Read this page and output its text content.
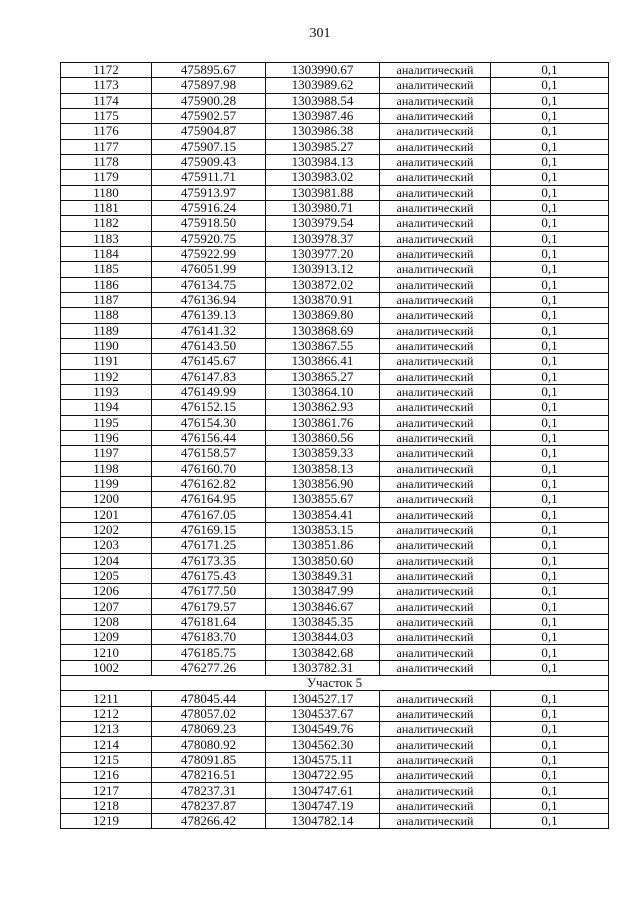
301
1172	475895.67	1303990.67	аналитический	0,1
1173	475897.98	1303989.62	аналитический	0,1
1174	475900.28	1303988.54	аналитический	0,1
1175	475902.57	1303987.46	аналитический	0,1
1176	475904.87	1303986.38	аналитический	0,1
1177	475907.15	1303985.27	аналитический	0,1
1178	475909.43	1303984.13	аналитический	0,1
1179	475911.71	1303983.02	аналитический	0,1
1180	475913.97	1303981.88	аналитический	0,1
1181	475916.24	1303980.71	аналитический	0,1
1182	475918.50	1303979.54	аналитический	0,1
1183	475920.75	1303978.37	аналитический	0,1
1184	475922.99	1303977.20	аналитический	0,1
1185	476051.99	1303913.12	аналитический	0,1
1186	476134.75	1303872.02	аналитический	0,1
1187	476136.94	1303870.91	аналитический	0,1
1188	476139.13	1303869.80	аналитический	0,1
1189	476141.32	1303868.69	аналитический	0,1
1190	476143.50	1303867.55	аналитический	0,1
1191	476145.67	1303866.41	аналитический	0,1
1192	476147.83	1303865.27	аналитический	0,1
1193	476149.99	1303864.10	аналитический	0,1
1194	476152.15	1303862.93	аналитический	0,1
1195	476154.30	1303861.76	аналитический	0,1
1196	476156.44	1303860.56	аналитический	0,1
1197	476158.57	1303859.33	аналитический	0,1
1198	476160.70	1303858.13	аналитический	0,1
1199	476162.82	1303856.90	аналитический	0,1
1200	476164.95	1303855.67	аналитический	0,1
1201	476167.05	1303854.41	аналитический	0,1
1202	476169.15	1303853.15	аналитический	0,1
1203	476171.25	1303851.86	аналитический	0,1
1204	476173.35	1303850.60	аналитический	0,1
1205	476175.43	1303849.31	аналитический	0,1
1206	476177.50	1303847.99	аналитический	0,1
1207	476179.57	1303846.67	аналитический	0,1
1208	476181.64	1303845.35	аналитический	0,1
1209	476183.70	1303844.03	аналитический	0,1
1210	476185.75	1303842.68	аналитический	0,1
1002	476277.26	1303782.31	аналитический	0,1
Участок 5				
1211	478045.44	1304527.17	аналитический	0,1
1212	478057.02	1304537.67	аналитический	0,1
1213	478069.23	1304549.76	аналитический	0,1
1214	478080.92	1304562.30	аналитический	0,1
1215	478091.85	1304575.11	аналитический	0,1
1216	478216.51	1304722.95	аналитический	0,1
1217	478237.31	1304747.61	аналитический	0,1
1218	478237.87	1304747.19	аналитический	0,1
1219	478266.42	1304782.14	аналитический	0,1
